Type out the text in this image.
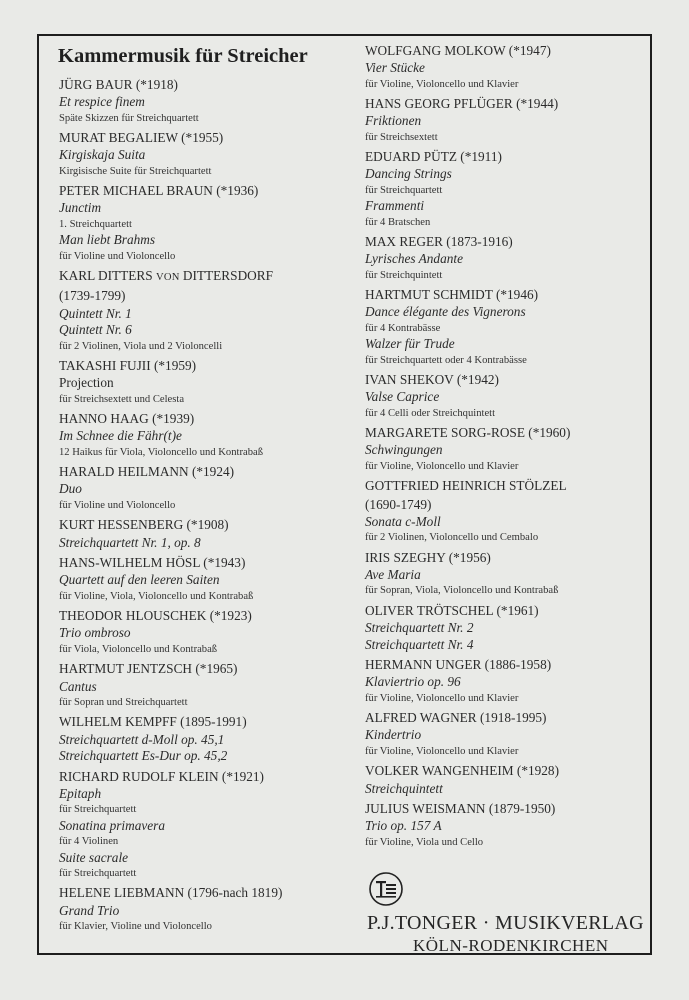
Kammermusik für Streicher
JÜRG BAUR (*1918)
Et respice finem
Späte Skizzen für Streichquartett
MURAT BEGALIEW (*1955)
Kirgiskaja Suita
Kirgisische Suite für Streichquartett
PETER MICHAEL BRAUN (*1936)
Junctim
1. Streichquartett
Man liebt Brahms
für Violine und Violoncello
KARL DITTERS VON DITTERSDORF
(1739-1799)
Quintett Nr. 1
Quintett Nr. 6
für 2 Violinen, Viola und 2 Violoncelli
TAKASHI FUJII (*1959)
Projection
für Streichsextett und Celesta
HANNO HAAG (*1939)
Im Schnee die Fähr(t)e
12 Haikus für Viola, Violoncello und Kontrabaß
HARALD HEILMANN (*1924)
Duo
für Violine und Violoncello
KURT HESSENBERG (*1908)
Streichquartett Nr. 1, op. 8
HANS-WILHELM HÖSL (*1943)
Quartett auf den leeren Saiten
für Violine, Viola, Violoncello und Kontrabaß
THEODOR HLOUSCHEK (*1923)
Trio ombroso
für Viola, Violoncello und Kontrabaß
HARTMUT JENTZSCH (*1965)
Cantus
für Sopran und Streichquartett
WILHELM KEMPFF (1895-1991)
Streichquartett d-Moll op. 45,1
Streichquartett Es-Dur op. 45,2
RICHARD RUDOLF KLEIN (*1921)
Epitaph
für Streichquartett
Sonatina primavera
für 4 Violinen
Suite sacrale
für Streichquartett
HELENE LIEBMANN (1796-nach 1819)
Grand Trio
für Klavier, Violine und Violoncello
WOLFGANG MOLKOW (*1947)
Vier Stücke
für Violine, Violoncello und Klavier
HANS GEORG PFLÜGER (*1944)
Friktionen
für Streichsextett
EDUARD PÜTZ (*1911)
Dancing Strings
für Streichquartett
Frammenti
für 4 Bratschen
MAX REGER (1873-1916)
Lyrisches Andante
für Streichquintett
HARTMUT SCHMIDT (*1946)
Dance élégante des Vignerons
für 4 Kontrabässe
Walzer für Trude
für Streichquartett oder 4 Kontrabässe
IVAN SHEKOV (*1942)
Valse Caprice
für 4 Celli oder Streichquintett
MARGARETE SORG-ROSE (*1960)
Schwingungen
für Violine, Violoncello und Klavier
GOTTFRIED HEINRICH STÖLZEL
(1690-1749)
Sonata c-Moll
für 2 Violinen, Violoncello und Cembalo
IRIS SZEGHY (*1956)
Ave Maria
für Sopran, Viola, Violoncello und Kontrabaß
OLIVER TRÖTSCHEL (*1961)
Streichquartett Nr. 2
Streichquartett Nr. 4
HERMANN UNGER (1886-1958)
Klaviertrio op. 96
für Violine, Violoncello und Klavier
ALFRED WAGNER (1918-1995)
Kindertrio
für Violine, Violoncello und Klavier
VOLKER WANGENHEIM (*1928)
Streichquintett
JULIUS WEISMANN (1879-1950)
Trio op. 157 A
für Violine, Viola und Cello
P.J.TONGER · MUSIKVERLAG
KÖLN-RODENKIRCHEN
